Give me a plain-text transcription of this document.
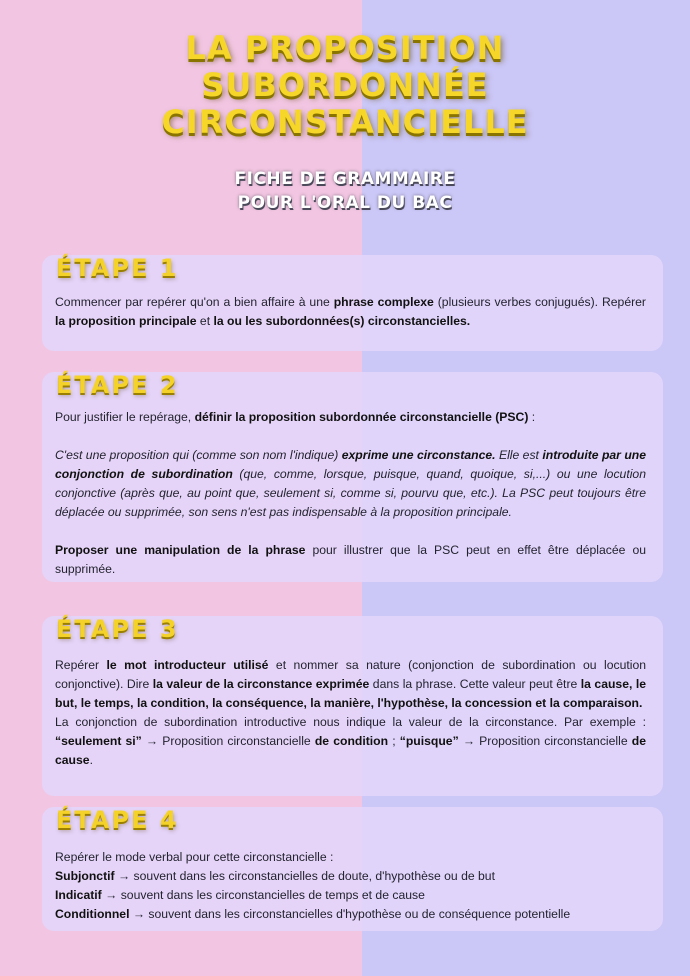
LA PROPOSITION
SUBORDONNÉE
CIRCONSTANCIELLE
FICHE DE GRAMMAIRE
POUR L'ORAL DU BAC
ÉTAPE 1

Commencer par repérer qu'on a bien affaire à une phrase complexe (plusieurs verbes conjugués). Repérer la proposition principale et la ou les subordonnées(s) circonstancielles.

ÉTAPE 2

Pour justifier le repérage, définir la proposition subordonnée circonstancielle (PSC) :

C'est une proposition qui (comme son nom l'indique) exprime une circonstance. Elle est introduite par une conjonction de subordination (que, comme, lorsque, puisque, quand, quoique, si,...) ou une locution conjonctive (après que, au point que, seulement si, comme si, pourvu que, etc.). La PSC peut toujours être déplacée ou supprimée, son sens n'est pas indispensable à la proposition principale.

Proposer une manipulation de la phrase pour illustrer que la PSC peut en effet être déplacée ou supprimée.

ÉTAPE 3

Repérer le mot introducteur utilisé et nommer sa nature (conjonction de subordination ou locution conjonctive). Dire la valeur de la circonstance exprimée dans la phrase. Cette valeur peut être la cause, le but, le temps, la condition, la conséquence, la manière, l'hypothèse, la concession et la comparaison.

La conjonction de subordination introductive nous indique la valeur de la circonstance. Par exemple : “seulement si” → Proposition circonstancielle de condition ; “puisque” → Proposition circonstancielle de cause.

ÉTAPE 4

Repérer le mode verbal pour cette circonstancielle :

Subjonctif → souvent dans les circonstancielles de doute, d'hypothèse ou de but

Indicatif → souvent dans les circonstancielles de temps et de cause

Conditionnel → souvent dans les circonstancielles d'hypothèse ou de conséquence potentielle
